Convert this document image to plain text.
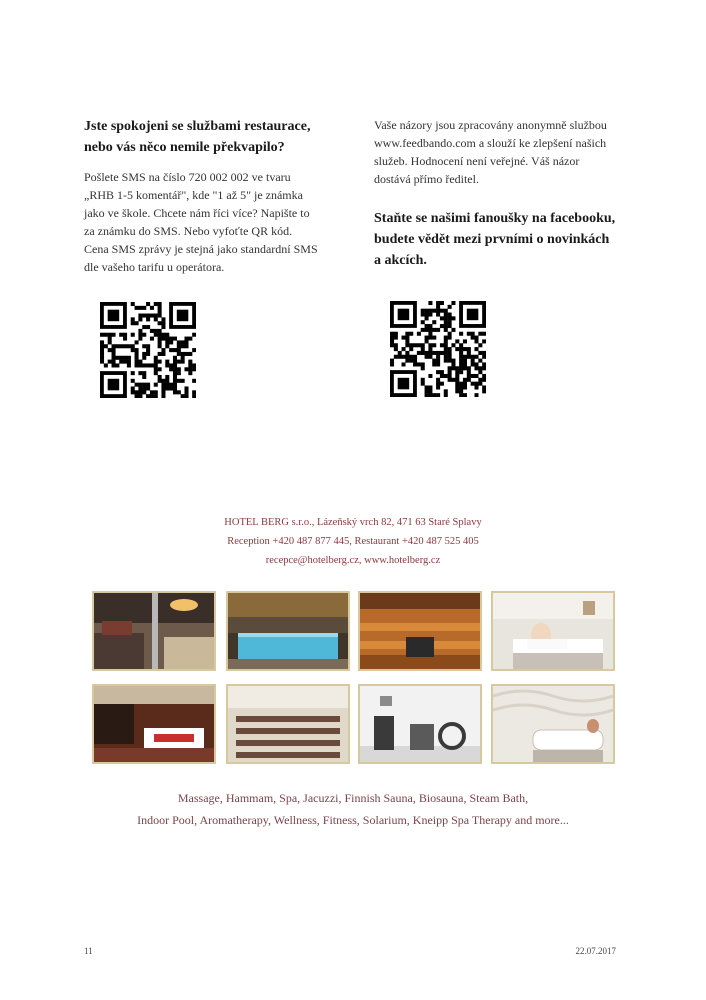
Jste spokojeni se službami restaurace,
nebo vás něco nemile překvapilo?
Pošlete SMS na číslo 720 002 002 ve tvaru
„RHB 1-5 komentář", kde "1 až 5" je známka
jako ve škole. Chcete nám říci více? Napište to
za známku do SMS. Nebo vyfoťte QR kód.
Cena SMS zprávy je stejná jako standardní SMS
dle vašeho tarifu u operátora.
Vaše názory jsou zpracovány anonymně službou
www.feedbando.com a slouží ke zlepšení našich
služeb. Hodnocení není veřejné. Váš názor
dostává přímo ředitel.
Staňte se našimi fanoušky na facebooku,
budete vědět mezi prvními o novinkách
a akcích.
HOTEL BERG s.r.o., Lázeňský vrch 82, 471 63 Staré Splavy
Reception +420 487 877 445, Restaurant +420 487 525 405
recepce@hotelberg.cz, www.hotelberg.cz
Massage, Hammam, Spa, Jacuzzi, Finnish Sauna, Biosauna, Steam Bath,
Indoor Pool, Aromatherapy, Wellness, Fitness, Solarium, Kneipp Spa Therapy and more...
11	22.07.2017
